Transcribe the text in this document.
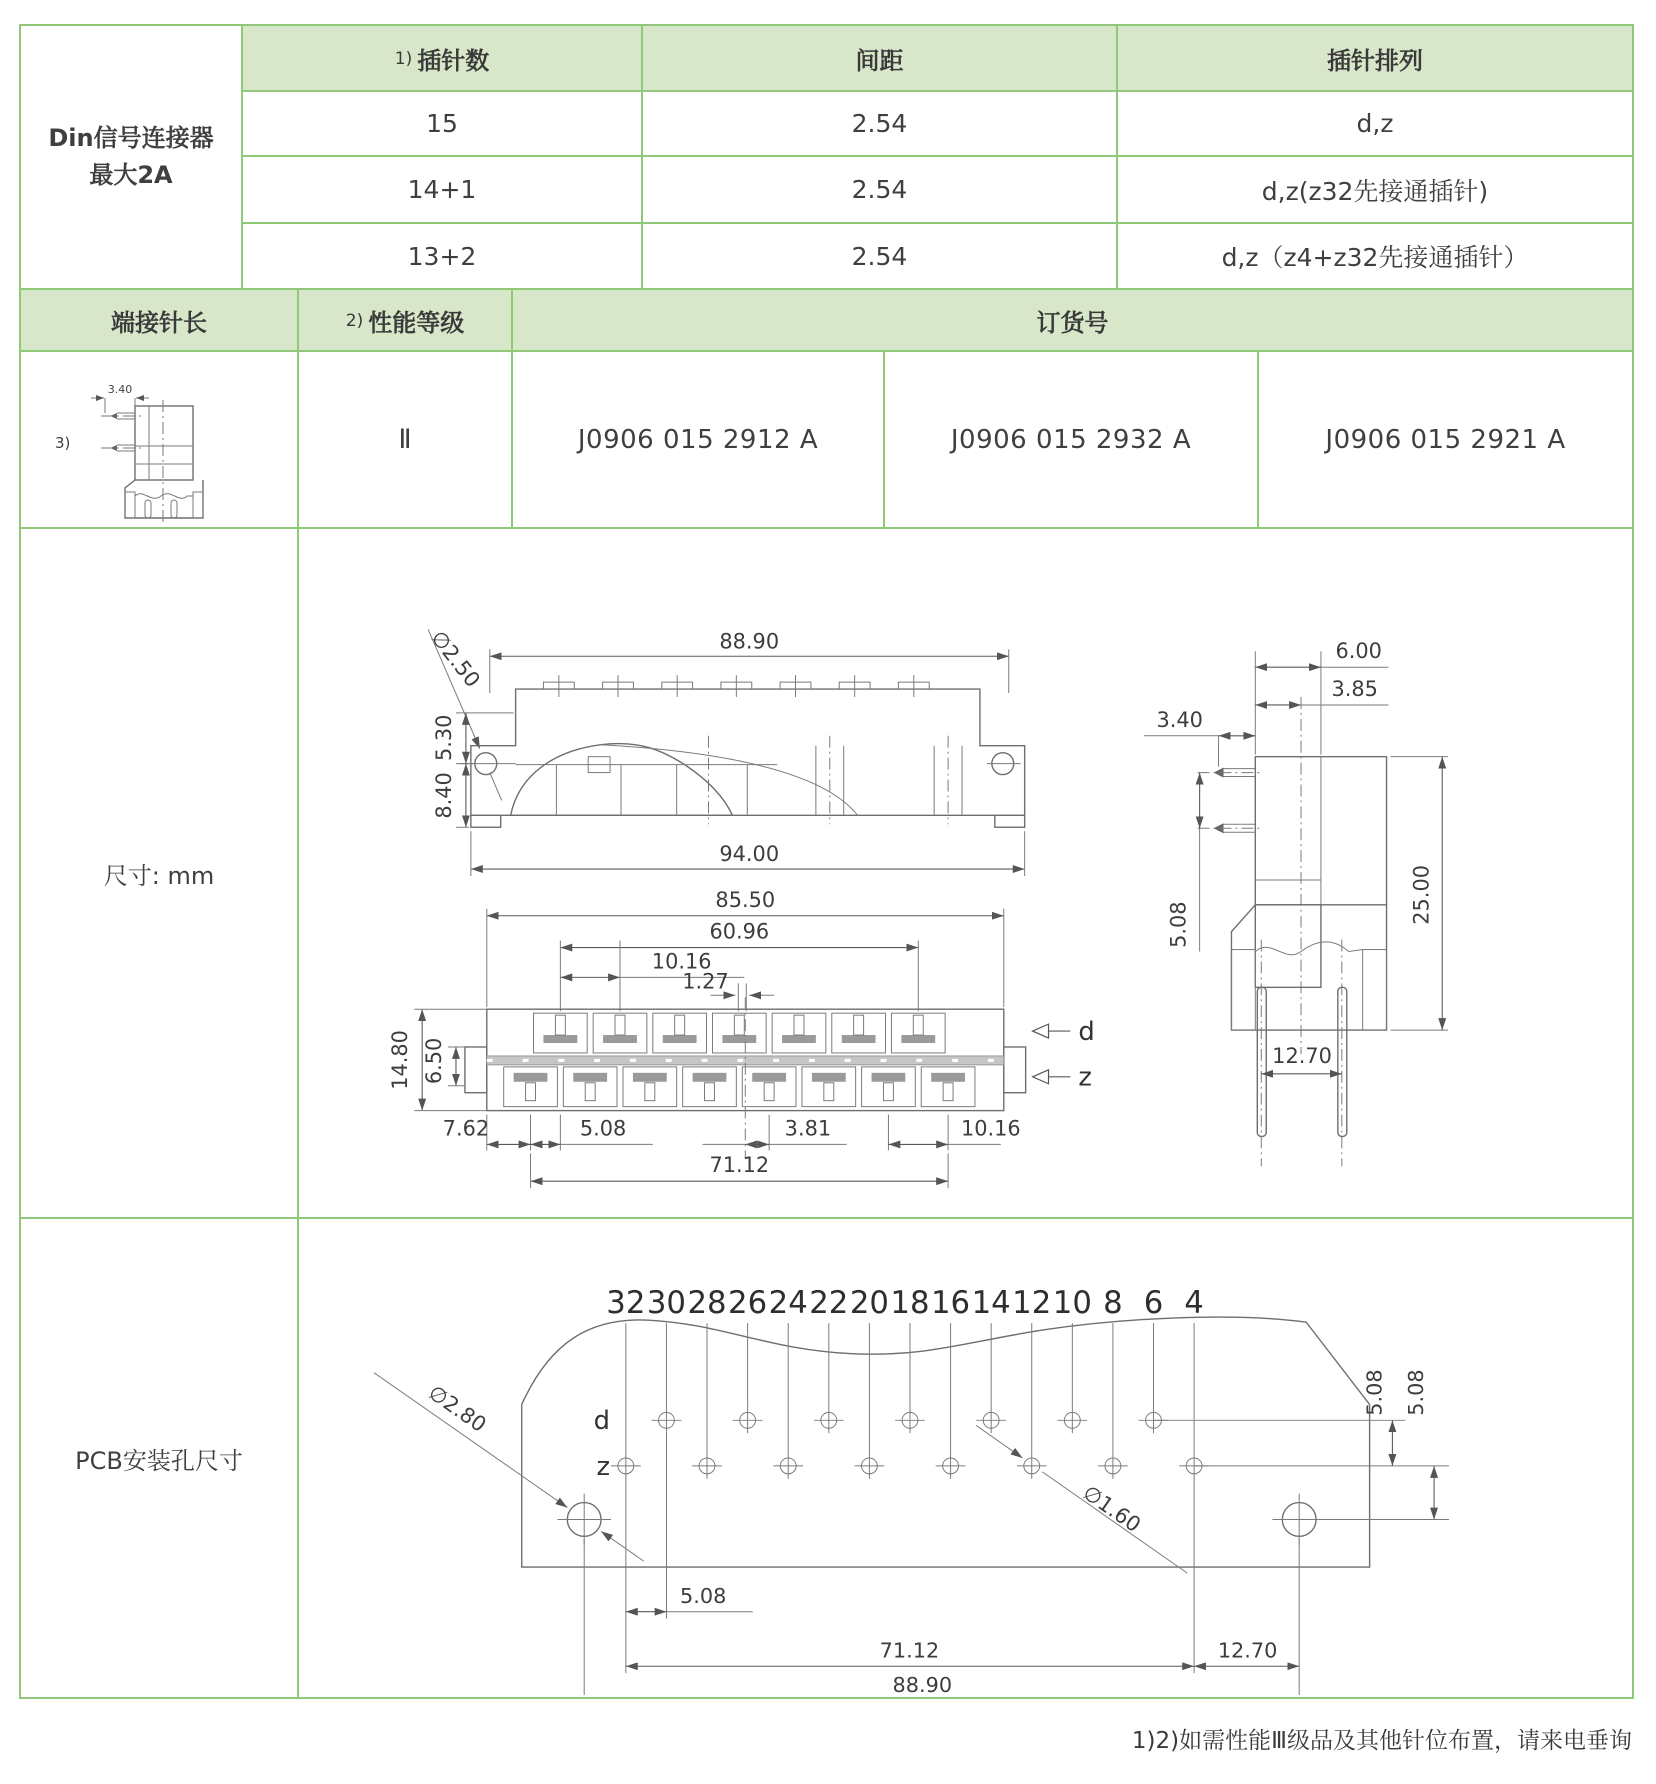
Din信号连接器
最大2A	$^{1)}$ 插针数	间距	插针排列
	15	2.54	d,z
	14+1	2.54	d,z(z32先接通插针)
	13+2	2.54	d,z（z4+z32先接通插针）
端接针长	$^{2)}$ 性能等级	订货号		

3)
3.40	Ⅱ	J0906 015 2912 A	J0906 015 2932 A	J0906 015 2921 A
尺寸: mm	
88.90
∅2.50
5.30
8.40
94.00
85.50
60.96
10.16
1.27
14.80 6.50
7.62	5.08	3.81	10.16
71.12
d
z
6.00
3.85
3.40
5.08
12.70
25.00

PCB安装孔尺寸	
32 30 28 26 24 22 20 18 16 14 12 10 8 6 4
d
z
∅2.80
∅1.60
5.08
71.12	12.70
88.90
5.08 5.08
1)2)如需性能Ⅲ级品及其他针位布置，请来电垂询
